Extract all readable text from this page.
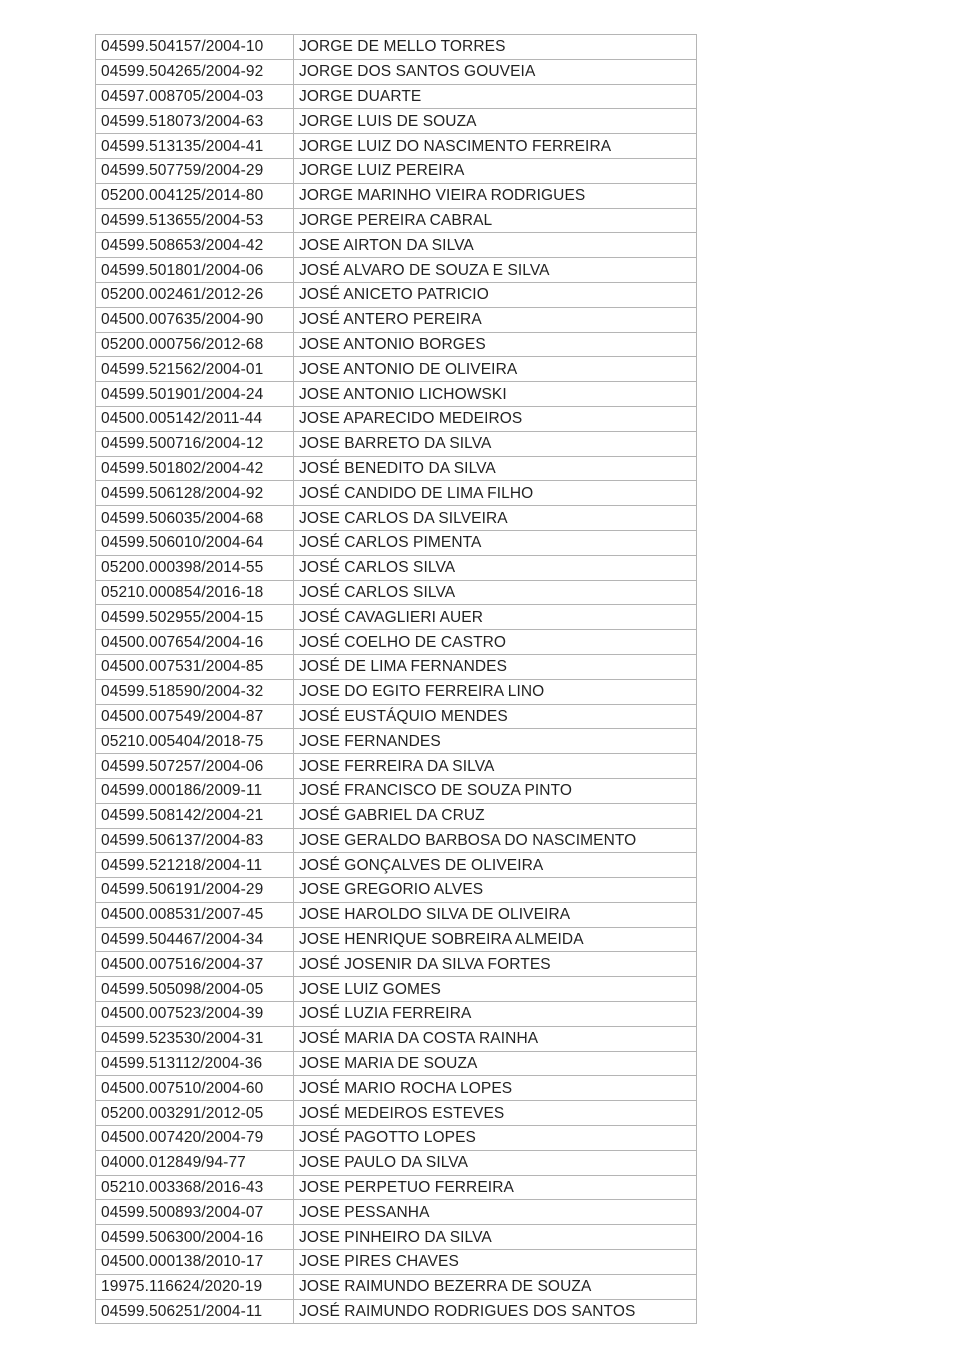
04599.504157/2004-10	JORGE DE MELLO TORRES
04599.504265/2004-92	JORGE DOS SANTOS GOUVEIA
04597.008705/2004-03	JORGE DUARTE
04599.518073/2004-63	JORGE LUIS DE SOUZA
04599.513135/2004-41	JORGE LUIZ DO NASCIMENTO FERREIRA
04599.507759/2004-29	JORGE LUIZ PEREIRA
05200.004125/2014-80	JORGE MARINHO VIEIRA RODRIGUES
04599.513655/2004-53	JORGE PEREIRA CABRAL
04599.508653/2004-42	JOSE AIRTON DA SILVA
04599.501801/2004-06	JOSÉ ALVARO DE SOUZA E SILVA
05200.002461/2012-26	JOSÉ ANICETO PATRICIO
04500.007635/2004-90	JOSÉ ANTERO PEREIRA
05200.000756/2012-68	JOSE ANTONIO BORGES
04599.521562/2004-01	JOSE ANTONIO DE OLIVEIRA
04599.501901/2004-24	JOSE ANTONIO LICHOWSKI
04500.005142/2011-44	JOSE APARECIDO MEDEIROS
04599.500716/2004-12	JOSE BARRETO DA SILVA
04599.501802/2004-42	JOSÉ BENEDITO DA SILVA
04599.506128/2004-92	JOSÉ CANDIDO DE LIMA FILHO
04599.506035/2004-68	JOSE CARLOS DA SILVEIRA
04599.506010/2004-64	JOSÉ CARLOS PIMENTA
05200.000398/2014-55	JOSÉ CARLOS SILVA
05210.000854/2016-18	JOSÉ CARLOS SILVA
04599.502955/2004-15	JOSÉ CAVAGLIERI AUER
04500.007654/2004-16	JOSÉ COELHO DE CASTRO
04500.007531/2004-85	JOSÉ DE LIMA FERNANDES
04599.518590/2004-32	JOSE DO EGITO FERREIRA LINO
04500.007549/2004-87	JOSÉ EUSTÁQUIO MENDES
05210.005404/2018-75	JOSE FERNANDES
04599.507257/2004-06	JOSE FERREIRA DA SILVA
04599.000186/2009-11	JOSÉ FRANCISCO DE SOUZA PINTO
04599.508142/2004-21	JOSÉ GABRIEL DA CRUZ
04599.506137/2004-83	JOSE GERALDO BARBOSA DO NASCIMENTO
04599.521218/2004-11	JOSÉ GONÇALVES DE OLIVEIRA
04599.506191/2004-29	JOSE GREGORIO ALVES
04500.008531/2007-45	JOSE HAROLDO SILVA DE OLIVEIRA
04599.504467/2004-34	JOSE HENRIQUE SOBREIRA ALMEIDA
04500.007516/2004-37	JOSÉ JOSENIR DA SILVA FORTES
04599.505098/2004-05	JOSE LUIZ GOMES
04500.007523/2004-39	JOSÉ LUZIA FERREIRA
04599.523530/2004-31	JOSÉ MARIA DA COSTA RAINHA
04599.513112/2004-36	JOSE MARIA DE SOUZA
04500.007510/2004-60	JOSÉ MARIO ROCHA LOPES
05200.003291/2012-05	JOSÉ MEDEIROS ESTEVES
04500.007420/2004-79	JOSÉ PAGOTTO LOPES
04000.012849/94-77	JOSE PAULO DA SILVA
05210.003368/2016-43	JOSE PERPETUO FERREIRA
04599.500893/2004-07	JOSE PESSANHA
04599.506300/2004-16	JOSE PINHEIRO DA SILVA
04500.000138/2010-17	JOSE PIRES CHAVES
19975.116624/2020-19	JOSE RAIMUNDO BEZERRA DE SOUZA
04599.506251/2004-11	JOSÉ RAIMUNDO RODRIGUES DOS SANTOS
